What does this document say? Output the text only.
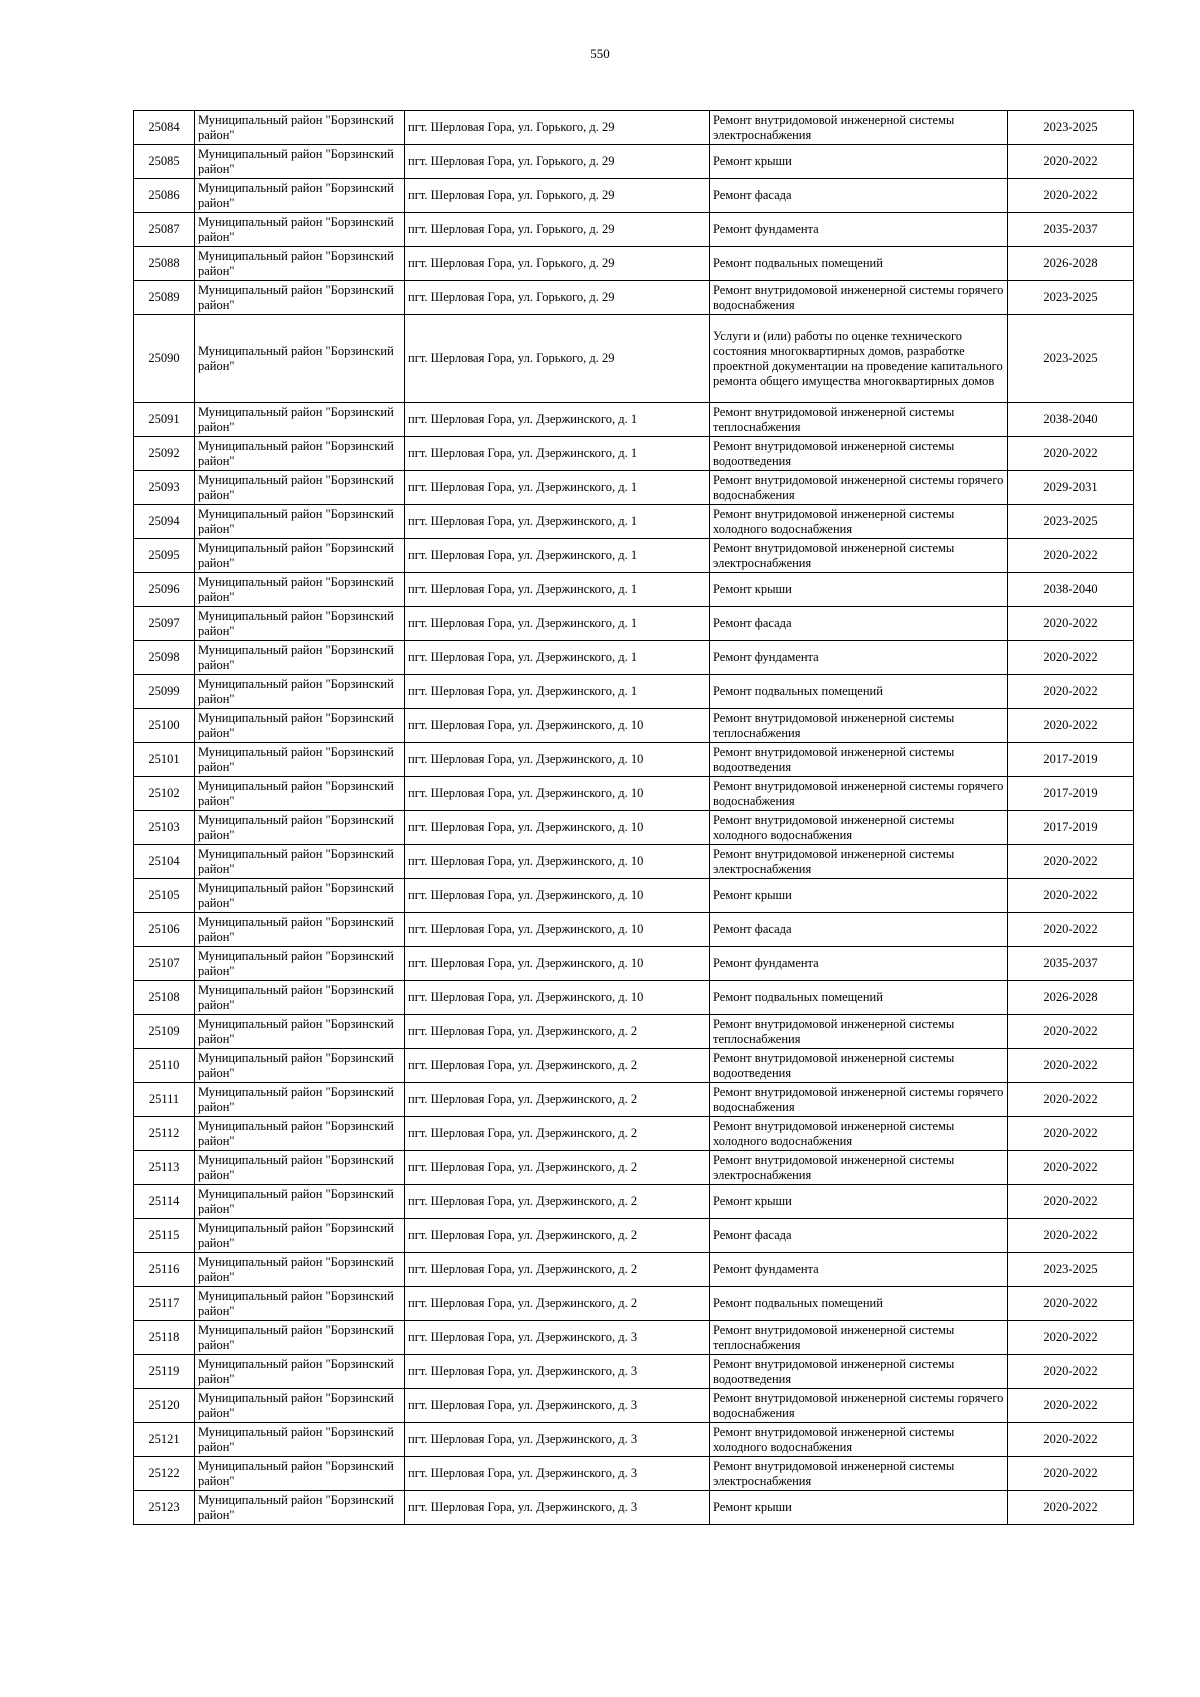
550
25084	Муниципальный район "Борзинский район"	пгт. Шерловая Гора, ул. Горького, д. 29	Ремонт внутридомовой инженерной системы электроснабжения	2023-2025
25085	Муниципальный район "Борзинский район"	пгт. Шерловая Гора, ул. Горького, д. 29	Ремонт крыши	2020-2022
25086	Муниципальный район "Борзинский район"	пгт. Шерловая Гора, ул. Горького, д. 29	Ремонт фасада	2020-2022
25087	Муниципальный район "Борзинский район"	пгт. Шерловая Гора, ул. Горького, д. 29	Ремонт фундамента	2035-2037
25088	Муниципальный район "Борзинский район"	пгт. Шерловая Гора, ул. Горького, д. 29	Ремонт подвальных помещений	2026-2028
25089	Муниципальный район "Борзинский район"	пгт. Шерловая Гора, ул. Горького, д. 29	Ремонт внутридомовой инженерной системы горячего водоснабжения	2023-2025
25090	Муниципальный район "Борзинский район"	пгт. Шерловая Гора, ул. Горького, д. 29	Услуги и (или) работы по оценке технического состояния многоквартирных домов, разработке проектной документации на проведение капитального ремонта общего имущества многоквартирных домов	2023-2025
25091	Муниципальный район "Борзинский район"	пгт. Шерловая Гора, ул. Дзержинского, д. 1	Ремонт внутридомовой инженерной системы теплоснабжения	2038-2040
25092	Муниципальный район "Борзинский район"	пгт. Шерловая Гора, ул. Дзержинского, д. 1	Ремонт внутридомовой инженерной системы водоотведения	2020-2022
25093	Муниципальный район "Борзинский район"	пгт. Шерловая Гора, ул. Дзержинского, д. 1	Ремонт внутридомовой инженерной системы горячего водоснабжения	2029-2031
25094	Муниципальный район "Борзинский район"	пгт. Шерловая Гора, ул. Дзержинского, д. 1	Ремонт внутридомовой инженерной системы холодного водоснабжения	2023-2025
25095	Муниципальный район "Борзинский район"	пгт. Шерловая Гора, ул. Дзержинского, д. 1	Ремонт внутридомовой инженерной системы электроснабжения	2020-2022
25096	Муниципальный район "Борзинский район"	пгт. Шерловая Гора, ул. Дзержинского, д. 1	Ремонт крыши	2038-2040
25097	Муниципальный район "Борзинский район"	пгт. Шерловая Гора, ул. Дзержинского, д. 1	Ремонт фасада	2020-2022
25098	Муниципальный район "Борзинский район"	пгт. Шерловая Гора, ул. Дзержинского, д. 1	Ремонт фундамента	2020-2022
25099	Муниципальный район "Борзинский район"	пгт. Шерловая Гора, ул. Дзержинского, д. 1	Ремонт подвальных помещений	2020-2022
25100	Муниципальный район "Борзинский район"	пгт. Шерловая Гора, ул. Дзержинского, д. 10	Ремонт внутридомовой инженерной системы теплоснабжения	2020-2022
25101	Муниципальный район "Борзинский район"	пгт. Шерловая Гора, ул. Дзержинского, д. 10	Ремонт внутридомовой инженерной системы водоотведения	2017-2019
25102	Муниципальный район "Борзинский район"	пгт. Шерловая Гора, ул. Дзержинского, д. 10	Ремонт внутридомовой инженерной системы горячего водоснабжения	2017-2019
25103	Муниципальный район "Борзинский район"	пгт. Шерловая Гора, ул. Дзержинского, д. 10	Ремонт внутридомовой инженерной системы холодного водоснабжения	2017-2019
25104	Муниципальный район "Борзинский район"	пгт. Шерловая Гора, ул. Дзержинского, д. 10	Ремонт внутридомовой инженерной системы электроснабжения	2020-2022
25105	Муниципальный район "Борзинский район"	пгт. Шерловая Гора, ул. Дзержинского, д. 10	Ремонт крыши	2020-2022
25106	Муниципальный район "Борзинский район"	пгт. Шерловая Гора, ул. Дзержинского, д. 10	Ремонт фасада	2020-2022
25107	Муниципальный район "Борзинский район"	пгт. Шерловая Гора, ул. Дзержинского, д. 10	Ремонт фундамента	2035-2037
25108	Муниципальный район "Борзинский район"	пгт. Шерловая Гора, ул. Дзержинского, д. 10	Ремонт подвальных помещений	2026-2028
25109	Муниципальный район "Борзинский район"	пгт. Шерловая Гора, ул. Дзержинского, д. 2	Ремонт внутридомовой инженерной системы теплоснабжения	2020-2022
25110	Муниципальный район "Борзинский район"	пгт. Шерловая Гора, ул. Дзержинского, д. 2	Ремонт внутридомовой инженерной системы водоотведения	2020-2022
25111	Муниципальный район "Борзинский район"	пгт. Шерловая Гора, ул. Дзержинского, д. 2	Ремонт внутридомовой инженерной системы горячего водоснабжения	2020-2022
25112	Муниципальный район "Борзинский район"	пгт. Шерловая Гора, ул. Дзержинского, д. 2	Ремонт внутридомовой инженерной системы холодного водоснабжения	2020-2022
25113	Муниципальный район "Борзинский район"	пгт. Шерловая Гора, ул. Дзержинского, д. 2	Ремонт внутридомовой инженерной системы электроснабжения	2020-2022
25114	Муниципальный район "Борзинский район"	пгт. Шерловая Гора, ул. Дзержинского, д. 2	Ремонт крыши	2020-2022
25115	Муниципальный район "Борзинский район"	пгт. Шерловая Гора, ул. Дзержинского, д. 2	Ремонт фасада	2020-2022
25116	Муниципальный район "Борзинский район"	пгт. Шерловая Гора, ул. Дзержинского, д. 2	Ремонт фундамента	2023-2025
25117	Муниципальный район "Борзинский район"	пгт. Шерловая Гора, ул. Дзержинского, д. 2	Ремонт подвальных помещений	2020-2022
25118	Муниципальный район "Борзинский район"	пгт. Шерловая Гора, ул. Дзержинского, д. 3	Ремонт внутридомовой инженерной системы теплоснабжения	2020-2022
25119	Муниципальный район "Борзинский район"	пгт. Шерловая Гора, ул. Дзержинского, д. 3	Ремонт внутридомовой инженерной системы водоотведения	2020-2022
25120	Муниципальный район "Борзинский район"	пгт. Шерловая Гора, ул. Дзержинского, д. 3	Ремонт внутридомовой инженерной системы горячего водоснабжения	2020-2022
25121	Муниципальный район "Борзинский район"	пгт. Шерловая Гора, ул. Дзержинского, д. 3	Ремонт внутридомовой инженерной системы холодного водоснабжения	2020-2022
25122	Муниципальный район "Борзинский район"	пгт. Шерловая Гора, ул. Дзержинского, д. 3	Ремонт внутридомовой инженерной системы электроснабжения	2020-2022
25123	Муниципальный район "Борзинский район"	пгт. Шерловая Гора, ул. Дзержинского, д. 3	Ремонт крыши	2020-2022
